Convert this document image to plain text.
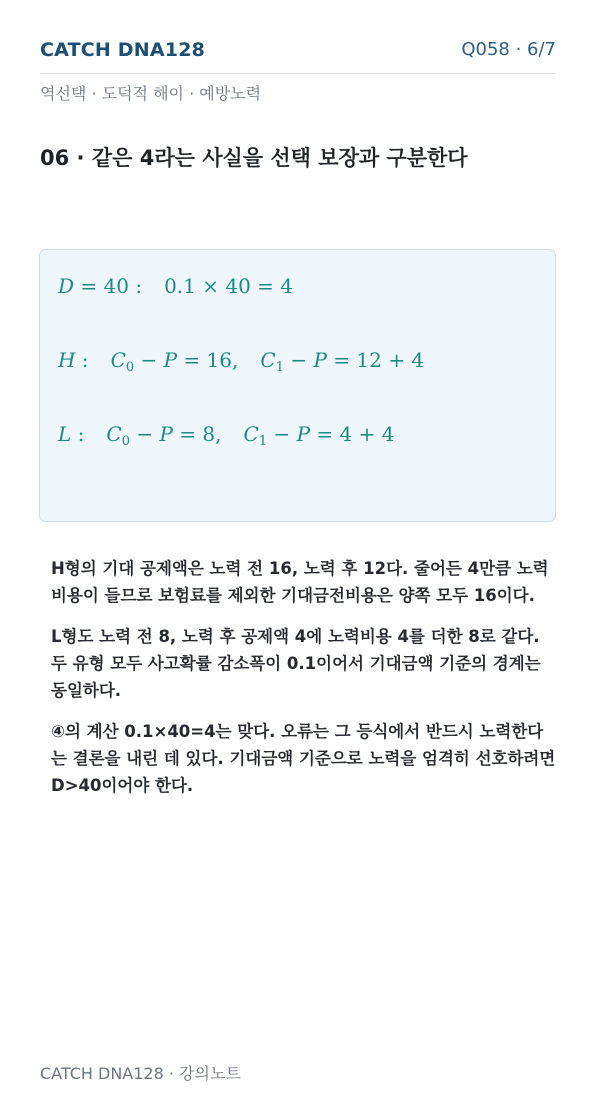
CATCH DNA128	Q058 · 6/7
역선택 · 도덕적 해이 · 예방노력
06 · 같은 4라는 사실을 선택 보장과 구분한다
D = 40 : 0.1 × 40 = 4
H : $C_0 - P = 16$, $C_1 - P = 12 + 4$
L : $C_0 - P = 8$, $C_1 - P = 4 + 4$

H형의 기대 공제액은 노력 전 16, 노력 후 12다. 줄어든 4만큼 노력비용이 들므로 보험료를 제외한 기대금전비용은 양쪽 모두 16이다.

L형도 노력 전 8, 노력 후 공제액 4에 노력비용 4를 더한 8로 같다. 두 유형 모두 사고확률 감소폭이 0.1이어서 기대금액 기준의 경계는 동일하다.

④의 계산 0.1×40=4는 맞다. 오류는 그 등식에서 반드시 노력한다는 결론을 내린 데 있다. 기대금액 기준으로 노력을 엄격히 선호하려면 D>40이어야 한다.

CATCH DNA128 · 강의노트
